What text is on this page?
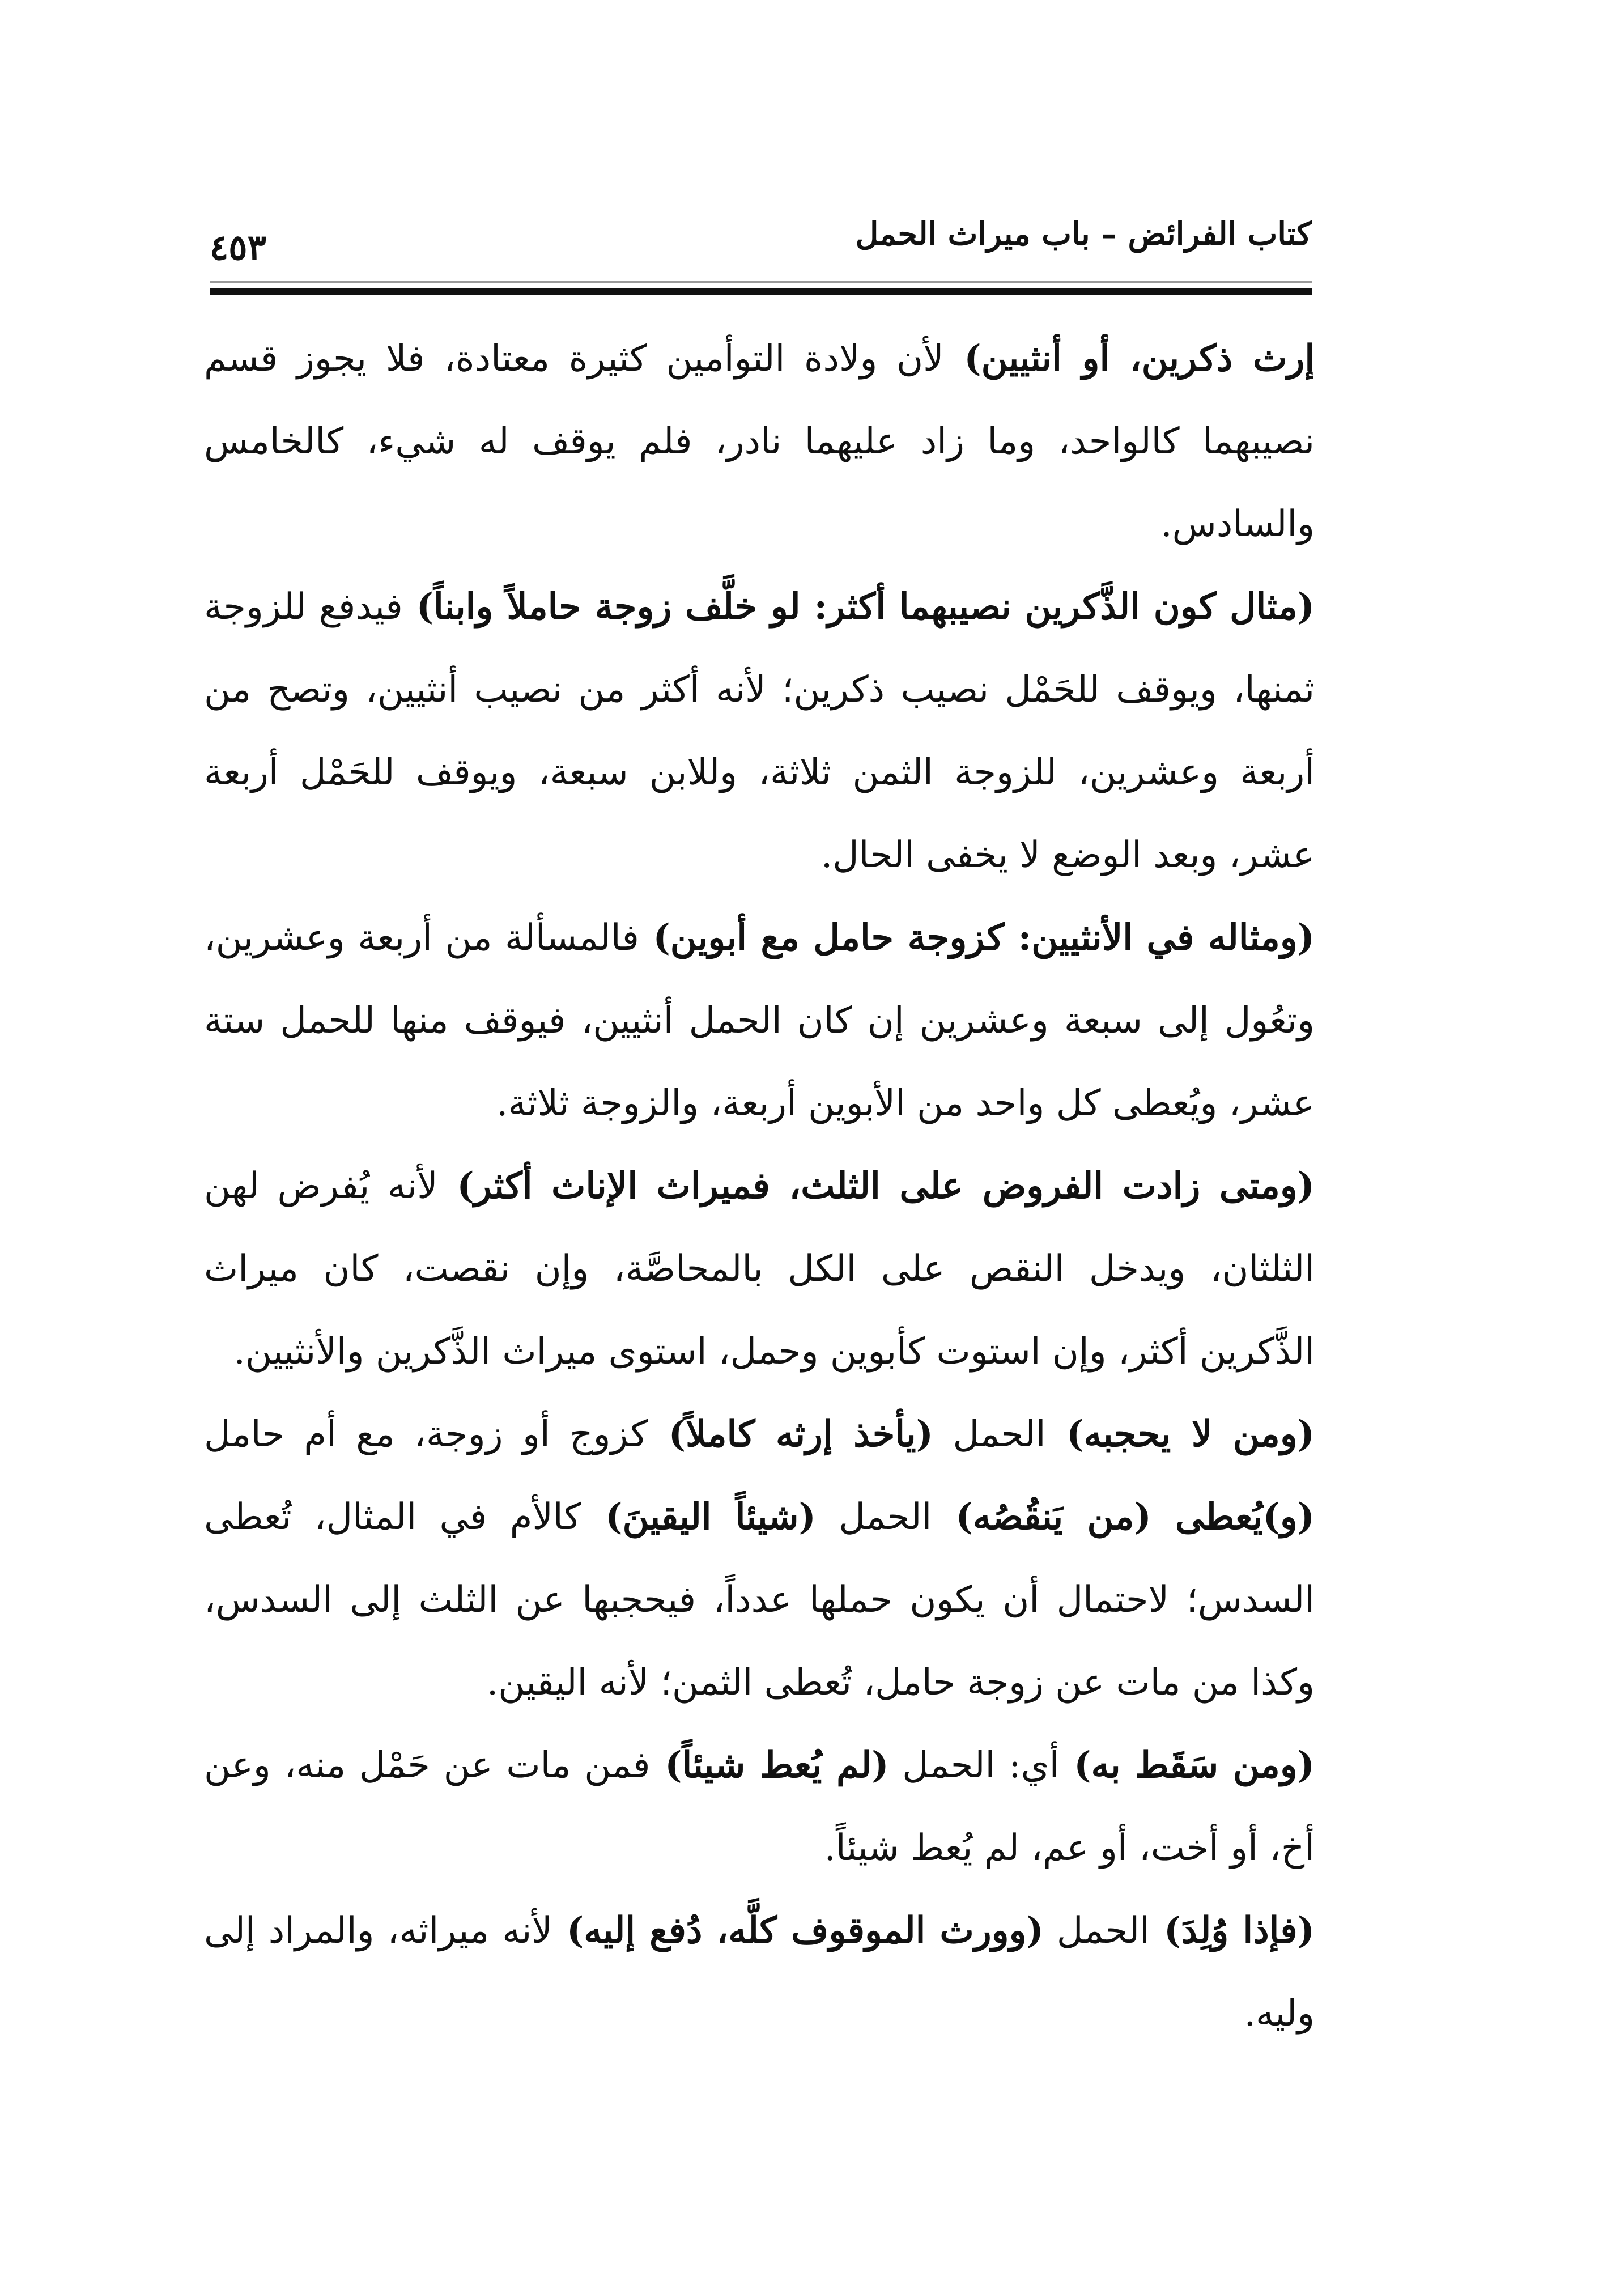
كتاب الفرائض – باب ميراث الحمل
٤٥٣

إرث ذكرين، أو أنثيين) لأن ولادة التوأمين كثيرة معتادة، فلا يجوز قسم نصيبهما كالواحد، وما زاد عليهما نادر، فلم يوقف له شيء، كالخامس والسادس.

(مثال كون الذَّكرين نصيبهما أكثر: لو خلَّف زوجة حاملاً وابناً) فيدفع للزوجة ثمنها، ويوقف للحَمْل نصيب ذكرين؛ لأنه أكثر من نصيب أنثيين، وتصح من أربعة وعشرين، للزوجة الثمن ثلاثة، وللابن سبعة، ويوقف للحَمْل أربعة عشر، وبعد الوضع لا يخفى الحال.

(ومثاله في الأنثيين: كزوجة حامل مع أبوين) فالمسألة من أربعة وعشرين، وتعُول إلى سبعة وعشرين إن كان الحمل أنثيين، فيوقف منها للحمل ستة عشر، ويُعطى كل واحد من الأبوين أربعة، والزوجة ثلاثة.

(ومتى زادت الفروض على الثلث، فميراث الإناث أكثر) لأنه يُفرض لهن الثلثان، ويدخل النقص على الكل بالمحاصَّة، وإن نقصت، كان ميراث الذَّكرين أكثر، وإن استوت كأبوين وحمل، استوى ميراث الذَّكرين والأنثيين.

(ومن لا يحجبه) الحمل (يأخذ إرثه كاملاً) كزوج أو زوجة، مع أم حامل (و)يُعطى (من يَنقُصُه) الحمل (شيئاً اليقينَ) كالأم في المثال، تُعطى السدس؛ لاحتمال أن يكون حملها عدداً، فيحجبها عن الثلث إلى السدس، وكذا من مات عن زوجة حامل، تُعطى الثمن؛ لأنه اليقين.

(ومن سَقَط به) أي: الحمل (لم يُعط شيئاً) فمن مات عن حَمْل منه، وعن أخ، أو أخت، أو عم، لم يُعط شيئاً.

(فإذا وُلِدَ) الحمل (وورث الموقوف كلَّه، دُفع إليه) لأنه ميراثه، والمراد إلى وليه.
